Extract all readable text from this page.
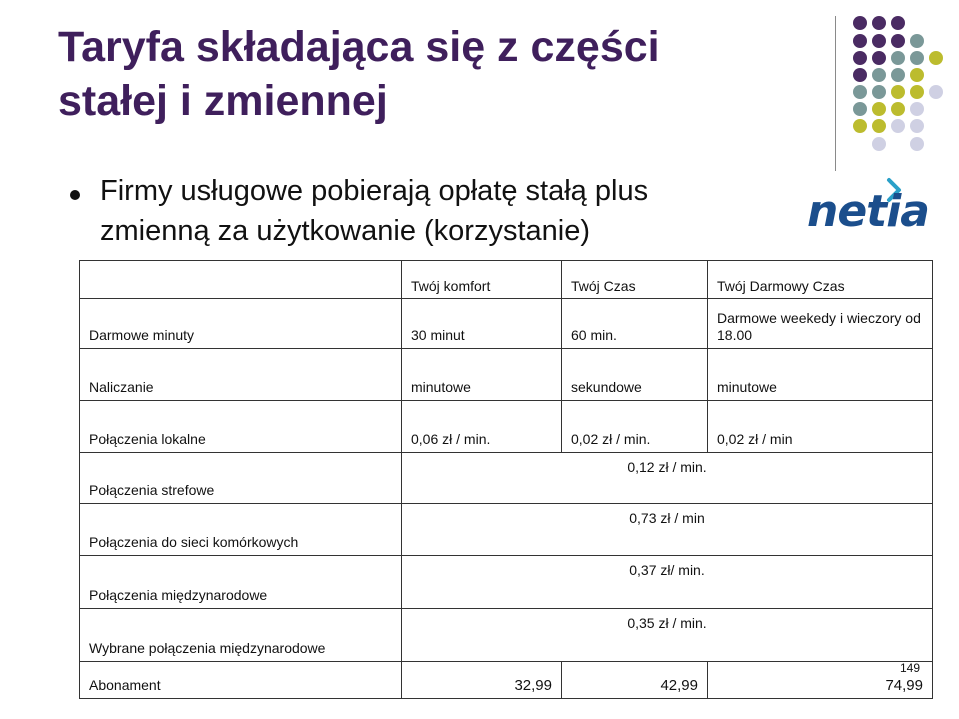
Taryfa składająca się z części
stałej i zmiennej
Firmy usługowe pobierają opłatę stałą plus
zmienną za użytkowanie (korzystanie)	netia
	Twój komfort	Twój Czas	Twój Darmowy Czas
Darmowe minuty	30 minut	60 min.	Darmowe weekedy i wieczory od 18.00
Naliczanie	minutowe	sekundowe	minutowe
Połączenia lokalne	0,06 zł / min.	0,02 zł / min.	0,02 zł / min
Połączenia strefowe	0,12 zł / min.		
Połączenia do sieci komórkowych	0,73 zł / min		
Połączenia międzynarodowe	0,37 zł/ min.		
Wybrane połączenia międzynarodowe	0,35 zł / min.		
Abonament	32,99	42,99	74,99
149
